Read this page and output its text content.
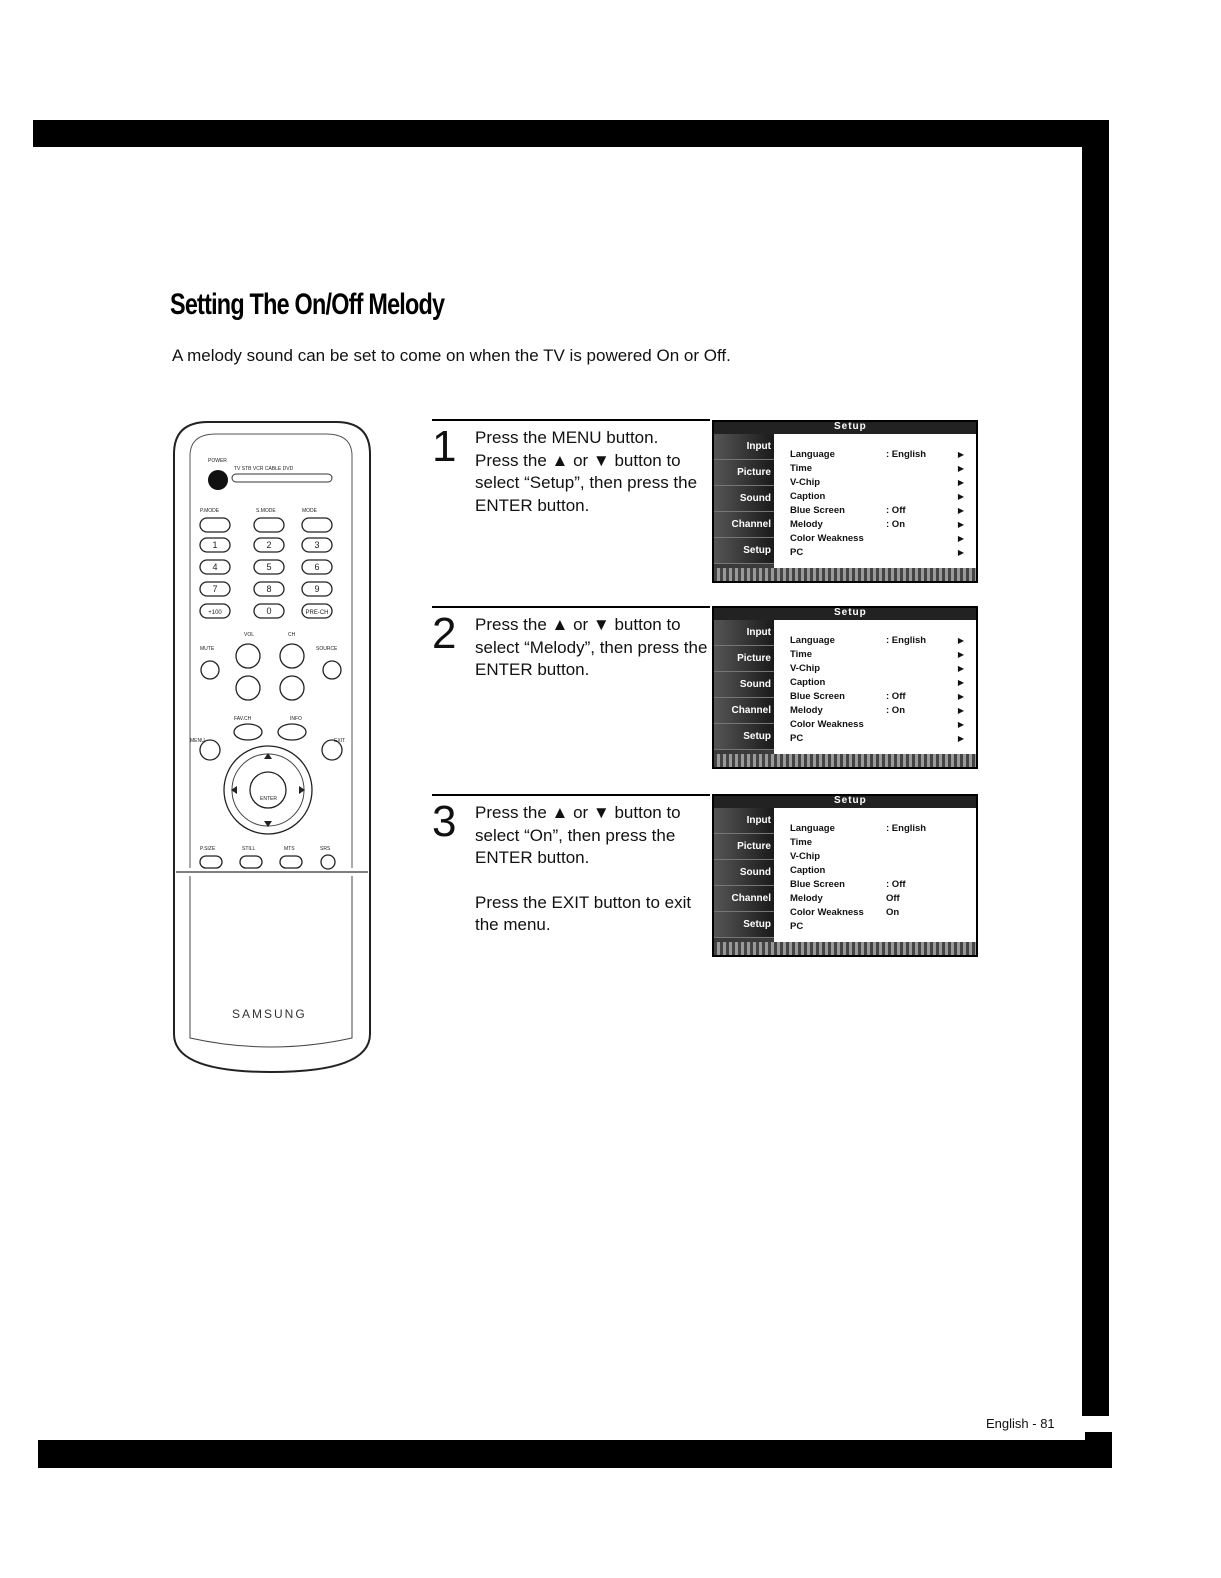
Setting The On/Off Melody

A melody sound can be set to come on when the TV is powered On or Off.

POWER
TV STB VCR CABLE DVD
P.MODE	S.MODE	MODE
1	2	3
4	5	6
7	8	9
+100	0	PRE-CH
VOL	CH
MUTE	SOURCE
FAV.CH	INFO
MENU	EXIT
ENTER
P.SIZE	STILL	MTS	SRS
SAMSUNG
1 Press the MENU button.

Press the ▲ or ▼ button to select “Setup”, then press the ENTER button.

2 Press the ▲ or ▼ button to select “Melody”, then press the ENTER button.

3 Press the ▲ or ▼ button to select “On”, then press the ENTER button.

Press the EXIT button to exit the menu.

Setup
Input
Picture
Sound
Channel
Setup
Language	: English	▶
Time	▶
V-Chip	▶
Caption	▶
Blue Screen	: Off	▶
Melody	: On	▶
Color Weakness	▶
PC	▶
Setup
Input
Picture
Sound
Channel
Setup
Language	: English	▶
Time	▶
V-Chip	▶
Caption	▶
Blue Screen	: Off	▶
Melody	: On	▶
Color Weakness	▶
PC	▶
Setup
Input
Picture
Sound
Channel
Setup
Language	: English
Time
V-Chip
Caption
Blue Screen	: Off
Melody	Off
Color Weakness On
PC
English - 81
